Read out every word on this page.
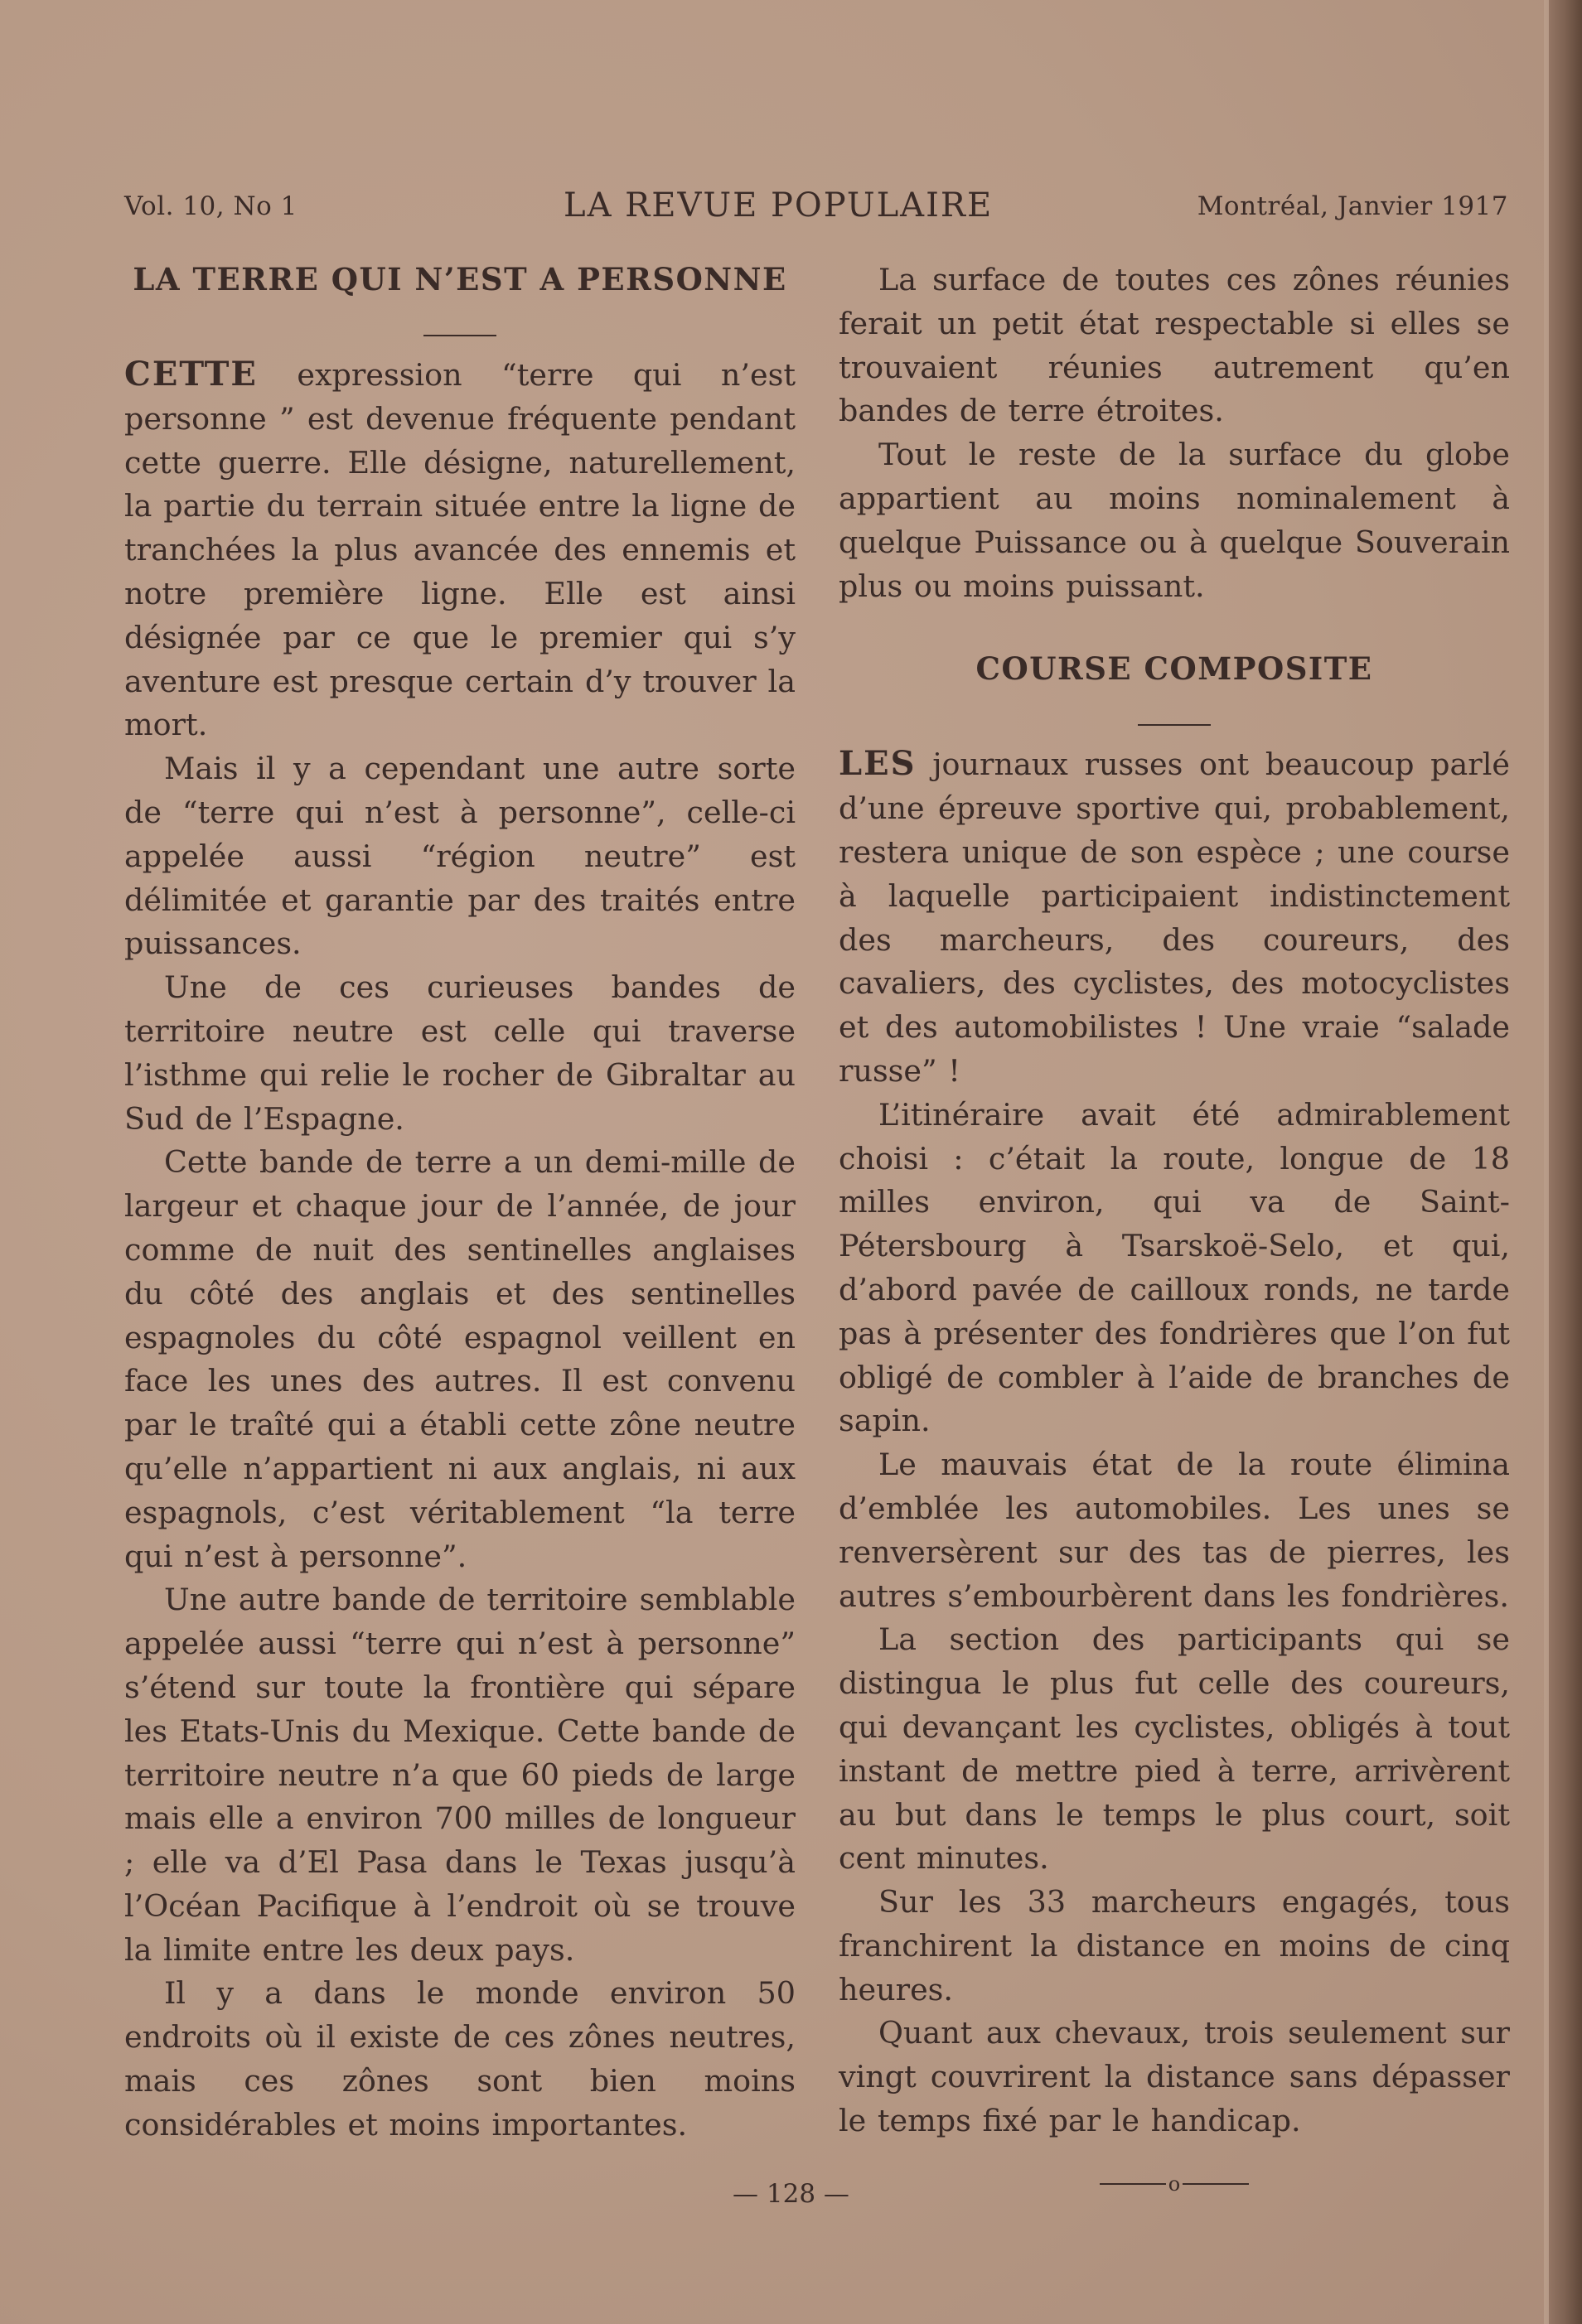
Vol. 10, No 1	LA REVUE POPULAIRE	Montréal, Janvier 1917
LA TERRE QUI N’EST A PERSONNE

CETTE expression “terre qui n’est personne ” est devenue fréquente pendant cette guerre. Elle désigne, naturellement, la partie du terrain située entre la ligne de tranchées la plus avancée des ennemis et notre première ligne. Elle est ainsi désignée par ce que le premier qui s’y aventure est presque certain d’y trouver la mort.

Mais il y a cependant une autre sorte de “terre qui n’est à personne”, celle-ci appelée aussi “région neutre” est délimitée et garantie par des traités entre puissances.

Une de ces curieuses bandes de territoire neutre est celle qui traverse l’isthme qui relie le rocher de Gibraltar au Sud de l’Espagne.

Cette bande de terre a un demi-mille de largeur et chaque jour de l’année, de jour comme de nuit des sentinelles anglaises du côté des anglais et des sentinelles espagnoles du côté espagnol veillent en face les unes des autres. Il est convenu par le traîté qui a établi cette zône neutre qu’elle n’appartient ni aux anglais, ni aux espagnols, c’est véritablement “la terre qui n’est à personne”.

Une autre bande de territoire semblable appelée aussi “terre qui n’est à personne” s’étend sur toute la frontière qui sépare les Etats-Unis du Mexique. Cette bande de territoire neutre n’a que 60 pieds de large mais elle a environ 700 milles de longueur ; elle va d’El Pasa dans le Texas jusqu’à l’Océan Pacifique à l’endroit où se trouve la limite entre les deux pays.

Il y a dans le monde environ 50 endroits où il existe de ces zônes neutres, mais ces zônes sont bien moins considérables et moins importantes.

La surface de toutes ces zônes réunies ferait un petit état respectable si elles se trouvaient réunies autrement qu’en bandes de terre étroites.

Tout le reste de la surface du globe appartient au moins nominalement à quelque Puissance ou à quelque Souverain plus ou moins puissant.

COURSE COMPOSITE

LES journaux russes ont beaucoup parlé d’une épreuve sportive qui, probablement, restera unique de son espèce ; une course à laquelle participaient indistinctement des marcheurs, des coureurs, des cavaliers, des cyclistes, des motocyclistes et des automobilistes ! Une vraie “salade russe” !

L’itinéraire avait été admirablement choisi : c’était la route, longue de 18 milles environ, qui va de Saint-Pétersbourg à Tsarskoë-Selo, et qui, d’abord pavée de cailloux ronds, ne tarde pas à présenter des fondrières que l’on fut obligé de combler à l’aide de branches de sapin.

Le mauvais état de la route élimina d’emblée les automobiles. Les unes se renversèrent sur des tas de pierres, les autres s’embourbèrent dans les fondrières.

La section des participants qui se distingua le plus fut celle des coureurs, qui devançant les cyclistes, obligés à tout instant de mettre pied à terre, arrivèrent au but dans le temps le plus court, soit cent minutes.

Sur les 33 marcheurs engagés, tous franchirent la distance en moins de cinq heures.

Quant aux chevaux, trois seulement sur vingt couvrirent la distance sans dépasser le temps fixé par le handicap.

o
— 128 —
